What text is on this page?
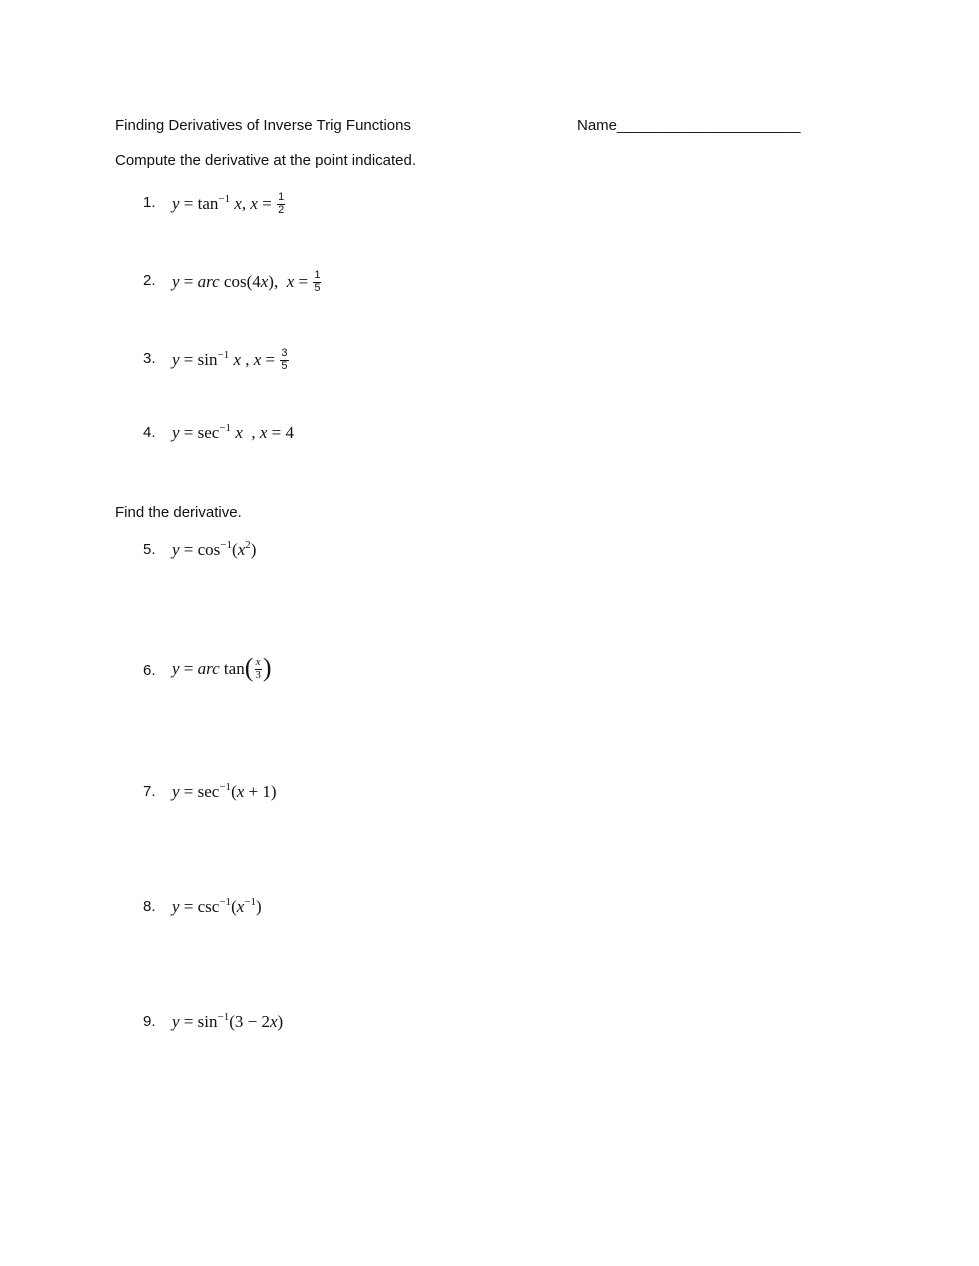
Finding Derivatives of Inverse Trig Functions	Name______________________
Compute the derivative at the point indicated.
1. $y = \tan^{-1} x$, $x = \frac{1}{2}$
2. y = arc cos(4x),  $x = \frac{1}{5}$
3. $y = \sin^{-1} x$ , $x = \frac{3}{5}$
4. $y = \sec^{-1} x$  , x = 4
Find the derivative.
5. $y = \cos^{-1}(x^2)$
6. y = arc $\tan( \frac{x}{3}$ )
7. $y = \sec^{-1}(x + 1)$
8. $y = \csc^{-1}(x^{-1})$
9. $y = \sin^{-1}(3 - 2x)$
